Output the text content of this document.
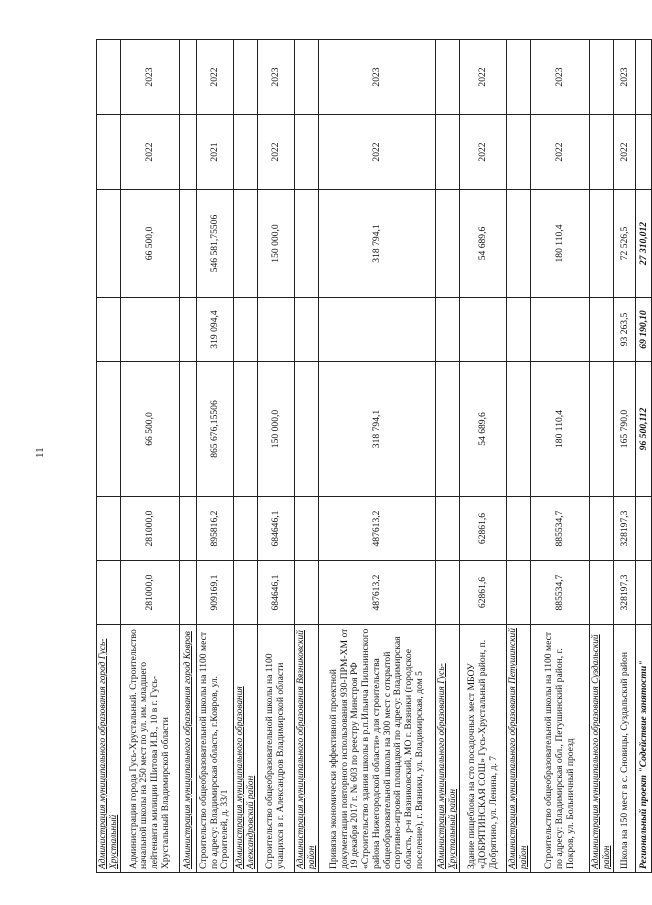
11
Администрация муниципального образования город Гусь-Хрустальный							
Администрация города Гусь-Хрустальный. Строительство начальной школы на 250 мест по ул. им. младшего лейтенанта милиции Шитова И.В., 10 в г. Гусь-Хрустальный Владимирской области	281000,0	281000,0	66 500,0		66 500,0	2022	2023
Администрация муниципального образования город Ковров							
Строительство общеобразовательной школы на 1100 мест по адресу: Владимирская область, г.Ковров, ул. Строителей, д. 33/1	909169,1	895816,2	865 676,15506	319 094,4	546 581,75506	2021	2022
Администрация муниципального образования Александровский район							
Строительство общеобразовательной школы на 1100 учащихся в г. Александров Владимирской области	684646,1	684646,1	150 000,0		150 000,0	2022	2023
Администрация муниципального образования Вязниковский район							
Привязка экономически эффективной проектной документации повторного использования 930-ПРМ-ХМ от 19 декабря 2017 г. № 603 по реестру Минстроя РФ «Строительство здания школы в р.п.Ильича Пильнинского района Нижегородской области» для строительства общеобразовательной школы на 300 мест с открытой спортивно-игровой площадкой по адресу: Владимирская область, р-н Вязниковский, МО г. Вязники (городское поселение), г. Вязники, ул. Владимирская, дом 5	487613,2	487613,2	318 794,1		318 794,1	2022	2023
Администрация муниципального образования Гусь-Хрустальный район							
Здание пищеблока на сто посадочных мест МБОУ «ДОБРЯТИНСКАЯ СОШ» Гусь-Хрустальный район, п. Добрятино, ул. Ленина, д. 7	62861,6	62861,6	54 689,6		54 689,6	2022	2022
Администрация муниципального образования Петушинский район							
Строительство общеобразовательной школы на 1100 мест по адресу: Владимирская обл., Петушинский район, г. Покров, ул. Больничный проезд	885534,7	885534,7	180 110,4		180 110,4	2022	2023
Администрация муниципального образования Суздальский район							
Школа на 150 мест в с. Сновицы, Суздальский район	328197,3	328197,3	165 790,0	93 263,5	72 526,5	2022	2023
Региональный проект "Содействие занятости"			96 500,112	69 190,10	27 310,012		
